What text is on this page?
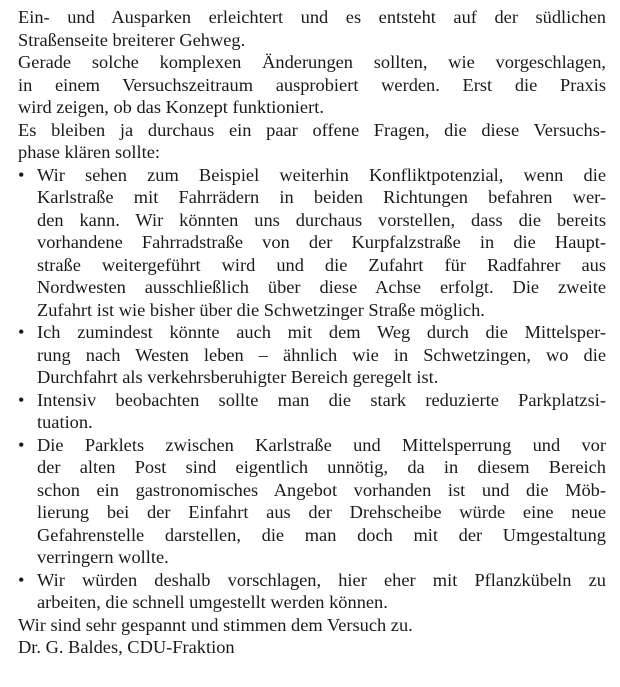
Ein- und Ausparken erleichtert und es entsteht auf der südlichen
Straßenseite breiterer Gehweg.

Gerade solche komplexen Änderungen sollten, wie vorgeschlagen,
in einem Versuchszeitraum ausprobiert werden. Erst die Praxis
wird zeigen, ob das Konzept funktioniert.

Es bleiben ja durchaus ein paar offene Fragen, die diese Versuchs-
phase klären sollte:

• Wir sehen zum Beispiel weiterhin Konfliktpotenzial, wenn die
Karlstraße mit Fahrrädern in beiden Richtungen befahren wer-
den kann. Wir könnten uns durchaus vorstellen, dass die bereits
vorhandene Fahrradstraße von der Kurpfalzstraße in die Haupt-
straße weitergeführt wird und die Zufahrt für Radfahrer aus
Nordwesten ausschließlich über diese Achse erfolgt. Die zweite
Zufahrt ist wie bisher über die Schwetzinger Straße möglich.
• Ich zumindest könnte auch mit dem Weg durch die Mittelsper-
rung nach Westen leben – ähnlich wie in Schwetzingen, wo die
Durchfahrt als verkehrsberuhigter Bereich geregelt ist.
• Intensiv beobachten sollte man die stark reduzierte Parkplatzsi-
tuation.
• Die Parklets zwischen Karlstraße und Mittelsperrung und vor
der alten Post sind eigentlich unnötig, da in diesem Bereich
schon ein gastronomisches Angebot vorhanden ist und die Möb-
lierung bei der Einfahrt aus der Drehscheibe würde eine neue
Gefahrenstelle darstellen, die man doch mit der Umgestaltung
verringern wollte.
• Wir würden deshalb vorschlagen, hier eher mit Pflanzkübeln zu
arbeiten, die schnell umgestellt werden können.

Wir sind sehr gespannt und stimmen dem Versuch zu.

Dr. G. Baldes, CDU-Fraktion
